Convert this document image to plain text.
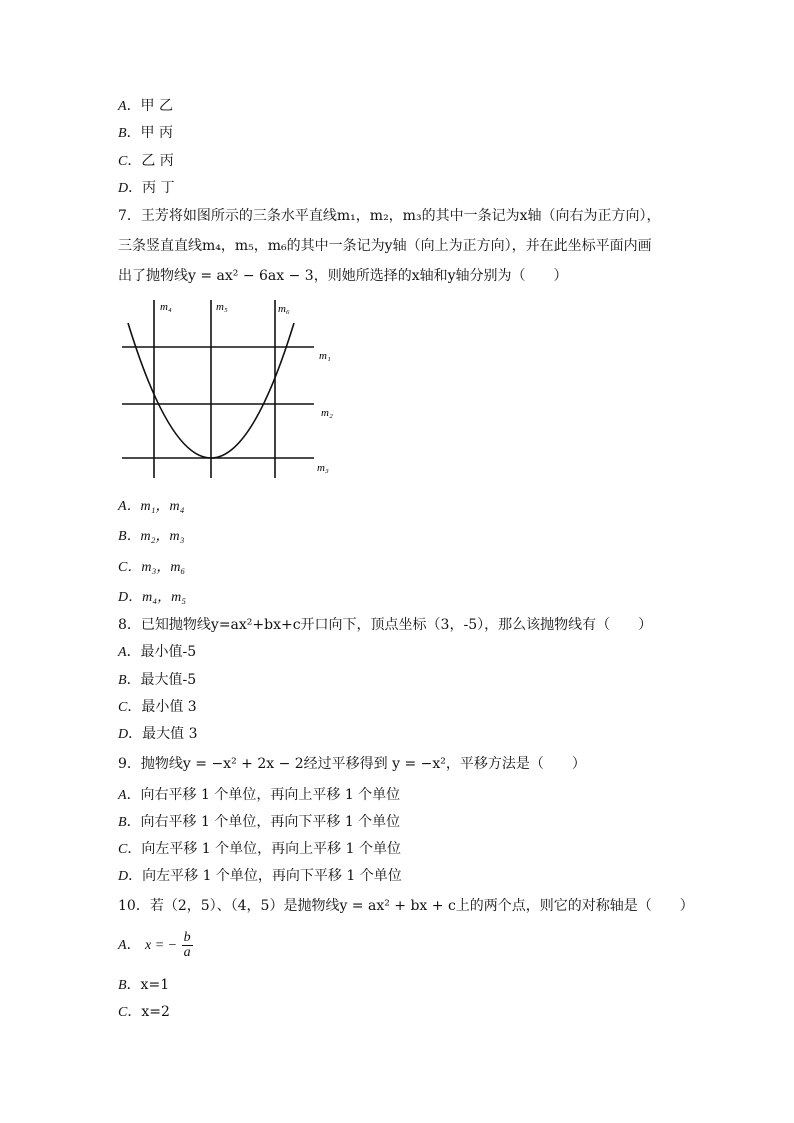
A．甲 乙
B．甲 丙
C．乙 丙
D．丙 丁
7．王芳将如图所示的三条水平直线m₁，m₂，m₃的其中一条记为x轴（向右为正方向），
三条竖直直线m₄，m₅，m₆的其中一条记为y轴（向上为正方向），并在此坐标平面内画
出了抛物线y = ax² − 6ax − 3，则她所选择的x轴和y轴分别为（　　）
m₄	m₅	m₆
m₁
m₂
m₃
A．m₁，m₄
B．m₂，m₃
C．m₃，m₆
D．m₄，m₅
8．已知抛物线y=ax²+bx+c开口向下，顶点坐标（3，-5），那么该抛物线有（　　）
A．最小值-5
B．最大值-5
C．最小值 3
D．最大值 3
9．抛物线y = −x² + 2x − 2经过平移得到 y = −x²，平移方法是（　　）
A．向右平移 1 个单位，再向上平移 1 个单位
B．向右平移 1 个单位，再向下平移 1 个单位
C．向左平移 1 个单位，再向上平移 1 个单位
D．向左平移 1 个单位，再向下平移 1 个单位
10．若（2，5）、（4，5）是抛物线y = ax² + bx + c上的两个点，则它的对称轴是（　　）
A． x = − $\frac{b}{a}$
B．x=1
C．x=2
